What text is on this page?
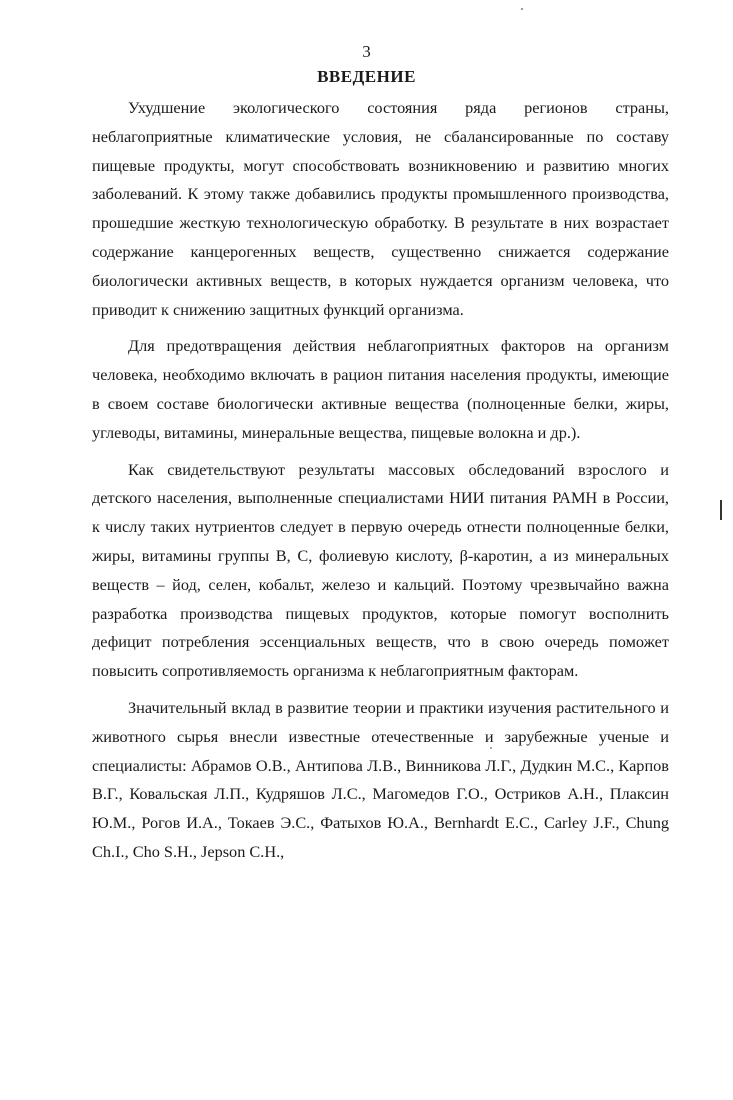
3
ВВЕДЕНИЕ

Ухудшение экологического состояния ряда регионов страны, неблагоприятные климатические условия, не сбалансированные по составу пищевые продукты, могут способствовать возникновению и развитию многих заболеваний. К этому также добавились продукты промышленного производства, прошедшие жесткую технологическую обработку. В результате в них возрастает содержание канцерогенных веществ, существенно снижается содержание биологически активных веществ, в которых нуждается организм человека, что приводит к снижению защитных функций организма.

Для предотвращения действия неблагоприятных факторов на организм человека, необходимо включать в рацион питания населения продукты, имеющие в своем составе биологически активные вещества (полноценные белки, жиры, углеводы, витамины, минеральные вещества, пищевые волокна и др.).

Как свидетельствуют результаты массовых обследований взрослого и детского населения, выполненные специалистами НИИ питания РАМН в России, к числу таких нутриентов следует в первую очередь отнести полноценные белки, жиры, витамины группы В, С, фолиевую кислоту, β-каротин, а из минеральных веществ – йод, селен, кобальт, железо и кальций. Поэтому чрезвычайно важна разработка производства пищевых продуктов, которые помогут восполнить дефицит потребления эссенциальных веществ, что в свою очередь поможет повысить сопротивляемость организма к неблагоприятным факторам.

Значительный вклад в развитие теории и практики изучения растительного и животного сырья внесли известные отечественные и зарубежные ученые и специалисты: Абрамов О.В., Антипова Л.В., Винникова Л.Г., Дудкин М.С., Карпов В.Г., Ковальская Л.П., Кудряшов Л.С., Магомедов Г.О., Остриков А.Н., Плаксин Ю.М., Рогов И.А., Токаев Э.С., Фатыхов Ю.А., Bernhardt E.C., Carley J.F., Chung Ch.I., Cho S.H., Jepson C.H.,
